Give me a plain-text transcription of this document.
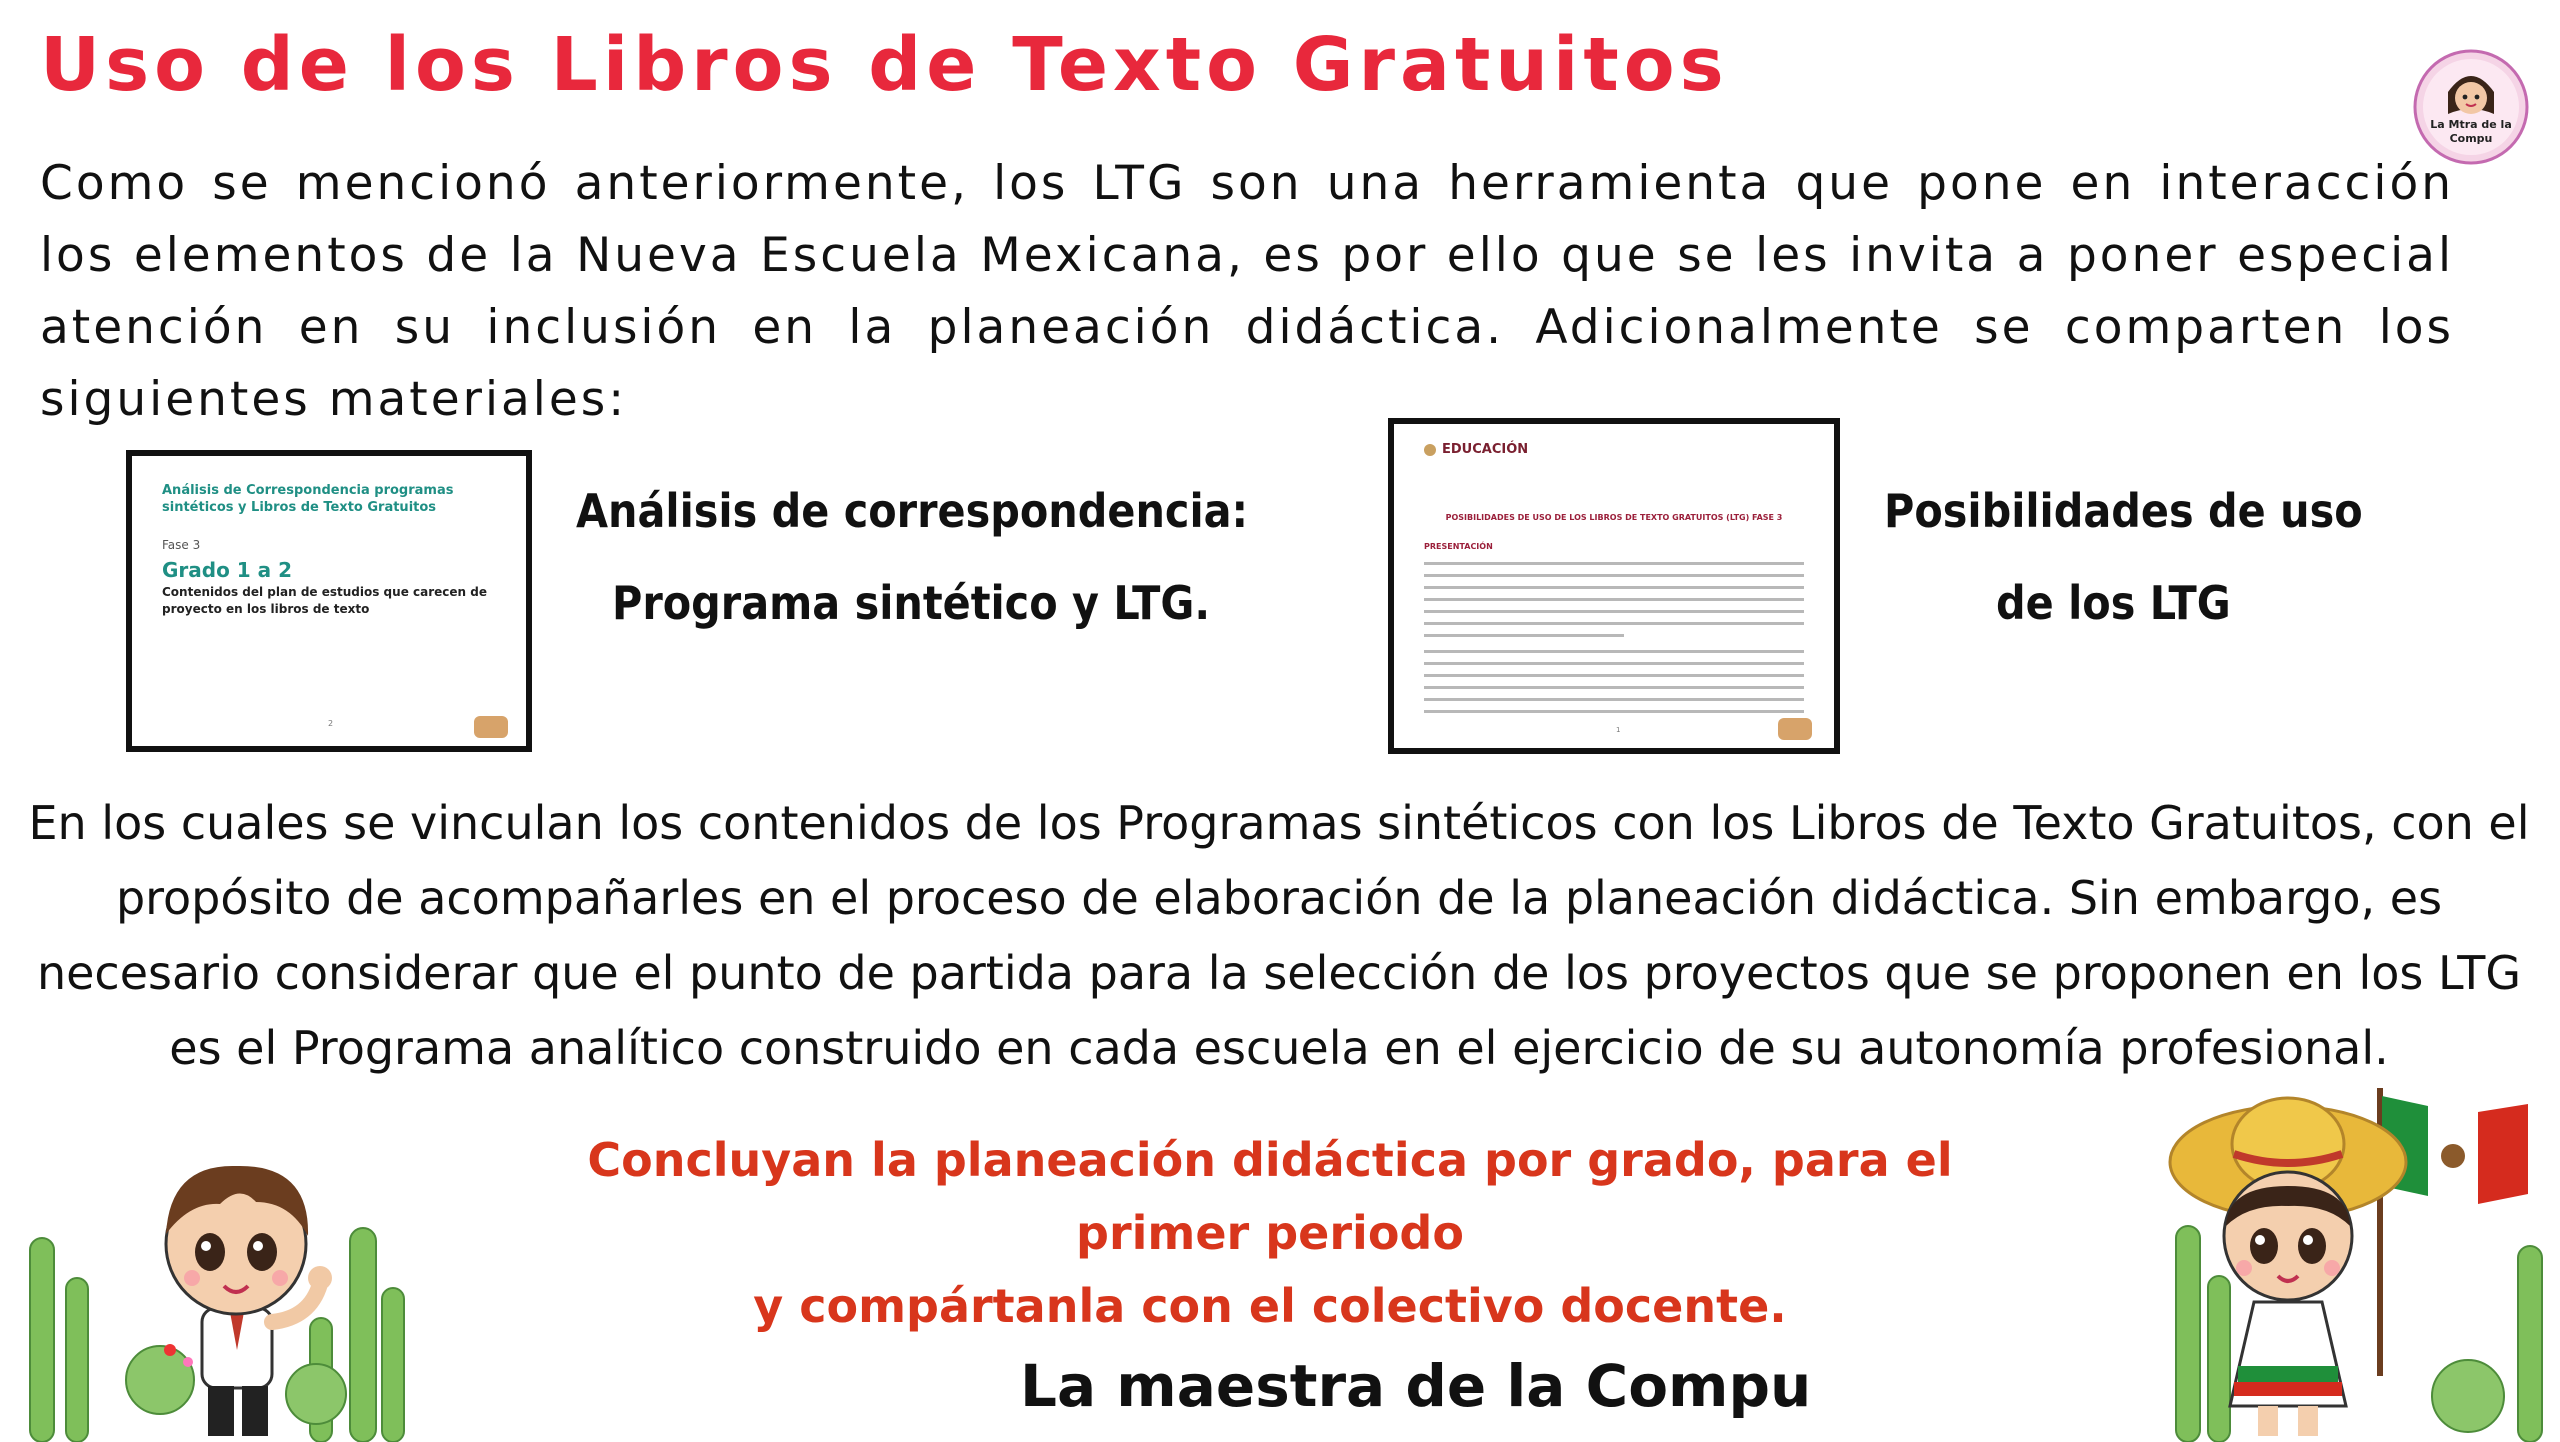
Uso de los Libros de Texto Gratuitos
La Mtra de la
Compu
Como se mencionó anteriormente, los LTG son una herramienta que pone en interacción los elementos de la Nueva Escuela Mexicana, es por ello que se les invita a poner especial atención en su inclusión en la planeación didáctica. Adicionalmente se comparten los siguientes materiales:
Análisis de Correspondencia programas sintéticos y Libros de Texto Gratuitos
Fase 3
Grado 1 a 2
Contenidos del plan de estudios que carecen de proyecto en los libros de texto
2
Análisis de correspondencia:
Programa sintético y LTG.
EDUCACIÓN
POSIBILIDADES DE USO DE LOS LIBROS DE TEXTO GRATUITOS (LTG) FASE 3
PRESENTACIÓN
1
Posibilidades de uso
de los LTG
En los cuales se vinculan los contenidos de los Programas sintéticos con los Libros de Texto Gratuitos, con el propósito de acompañarles en el proceso de elaboración de la planeación didáctica. Sin embargo, es necesario considerar que el punto de partida para la selección de los proyectos que se proponen en los LTG es el Programa analítico construido en cada escuela en el ejercicio de su autonomía profesional.
Concluyan la planeación didáctica por grado, para el primer periodo
y compártanla con el colectivo docente.
La maestra de la Compu
